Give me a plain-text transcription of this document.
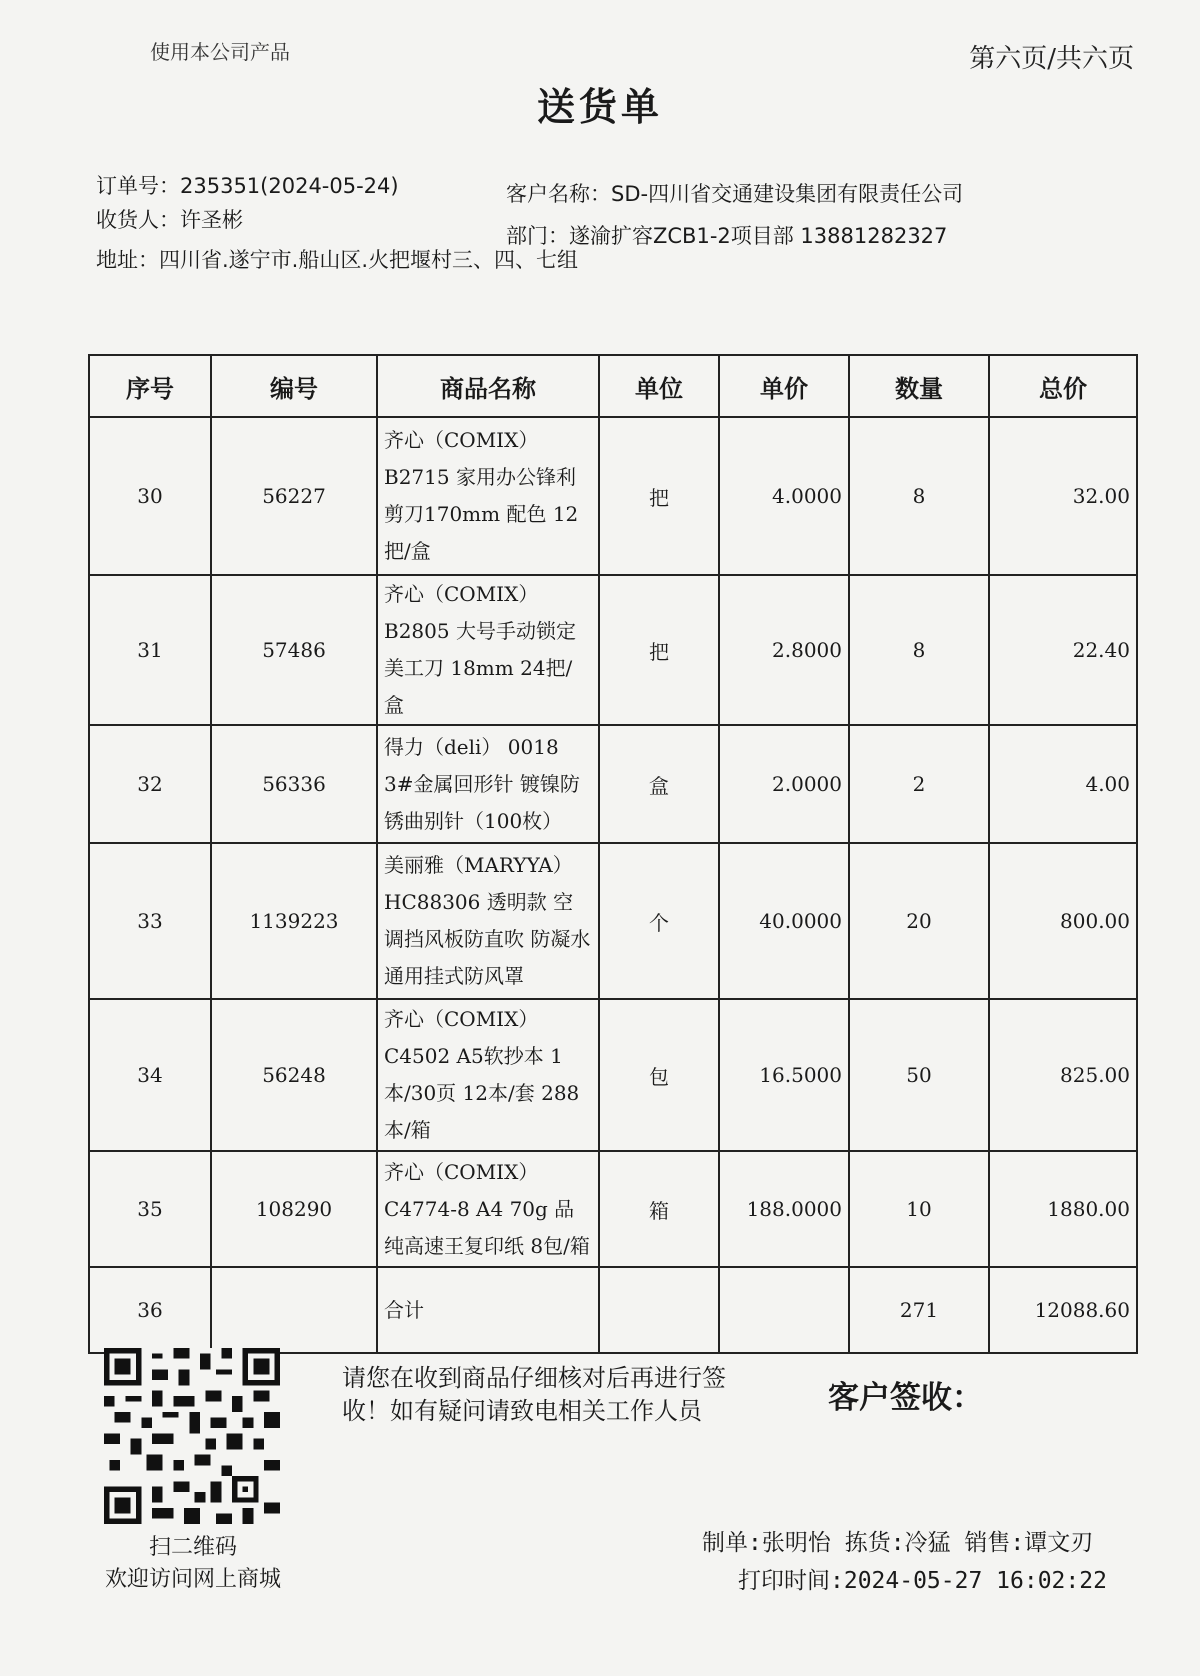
使用本公司产品	第六页/共六页
送货单
订单号：235351(2024-05-24)
收货人：许圣彬
地址：四川省.遂宁市.船山区.火把堰村三、四、七组
客户名称：SD-四川省交通建设集团有限责任公司
部门：遂渝扩容ZCB1-2项目部 13881282327
序号	编号	商品名称	单位	单价	数量	总价
30	56227	齐心（COMIX）B2715 家用办公锋利剪刀170mm 配色 12把/盒	把	4.0000	8	32.00
31	57486	齐心（COMIX）B2805 大号手动锁定美工刀 18mm 24把/盒	把	2.8000	8	22.40
32	56336	得力（deli） 0018 3#金属回形针 镀镍防锈曲别针（100枚）	盒	2.0000	2	4.00
33	1139223	美丽雅（MARYYA）HC88306 透明款 空调挡风板防直吹 防凝水通用挂式防风罩	个	40.0000	20	800.00
34	56248	齐心（COMIX）C4502 A5软抄本 1本/30页 12本/套 288本/箱	包	16.5000	50	825.00
35	108290	齐心（COMIX）C4774-8 A4 70g 品纯高速王复印纸 8包/箱	箱	188.0000	10	1880.00
36		合计			271	12088.60
扫二维码
欢迎访问网上商城
请您在收到商品仔细核对后再进行签收！如有疑问请致电相关工作人员	客户签收：
制单:张明怡 拣货:冷猛 销售:谭文刃
打印时间:2024-05-27 16:02:22
